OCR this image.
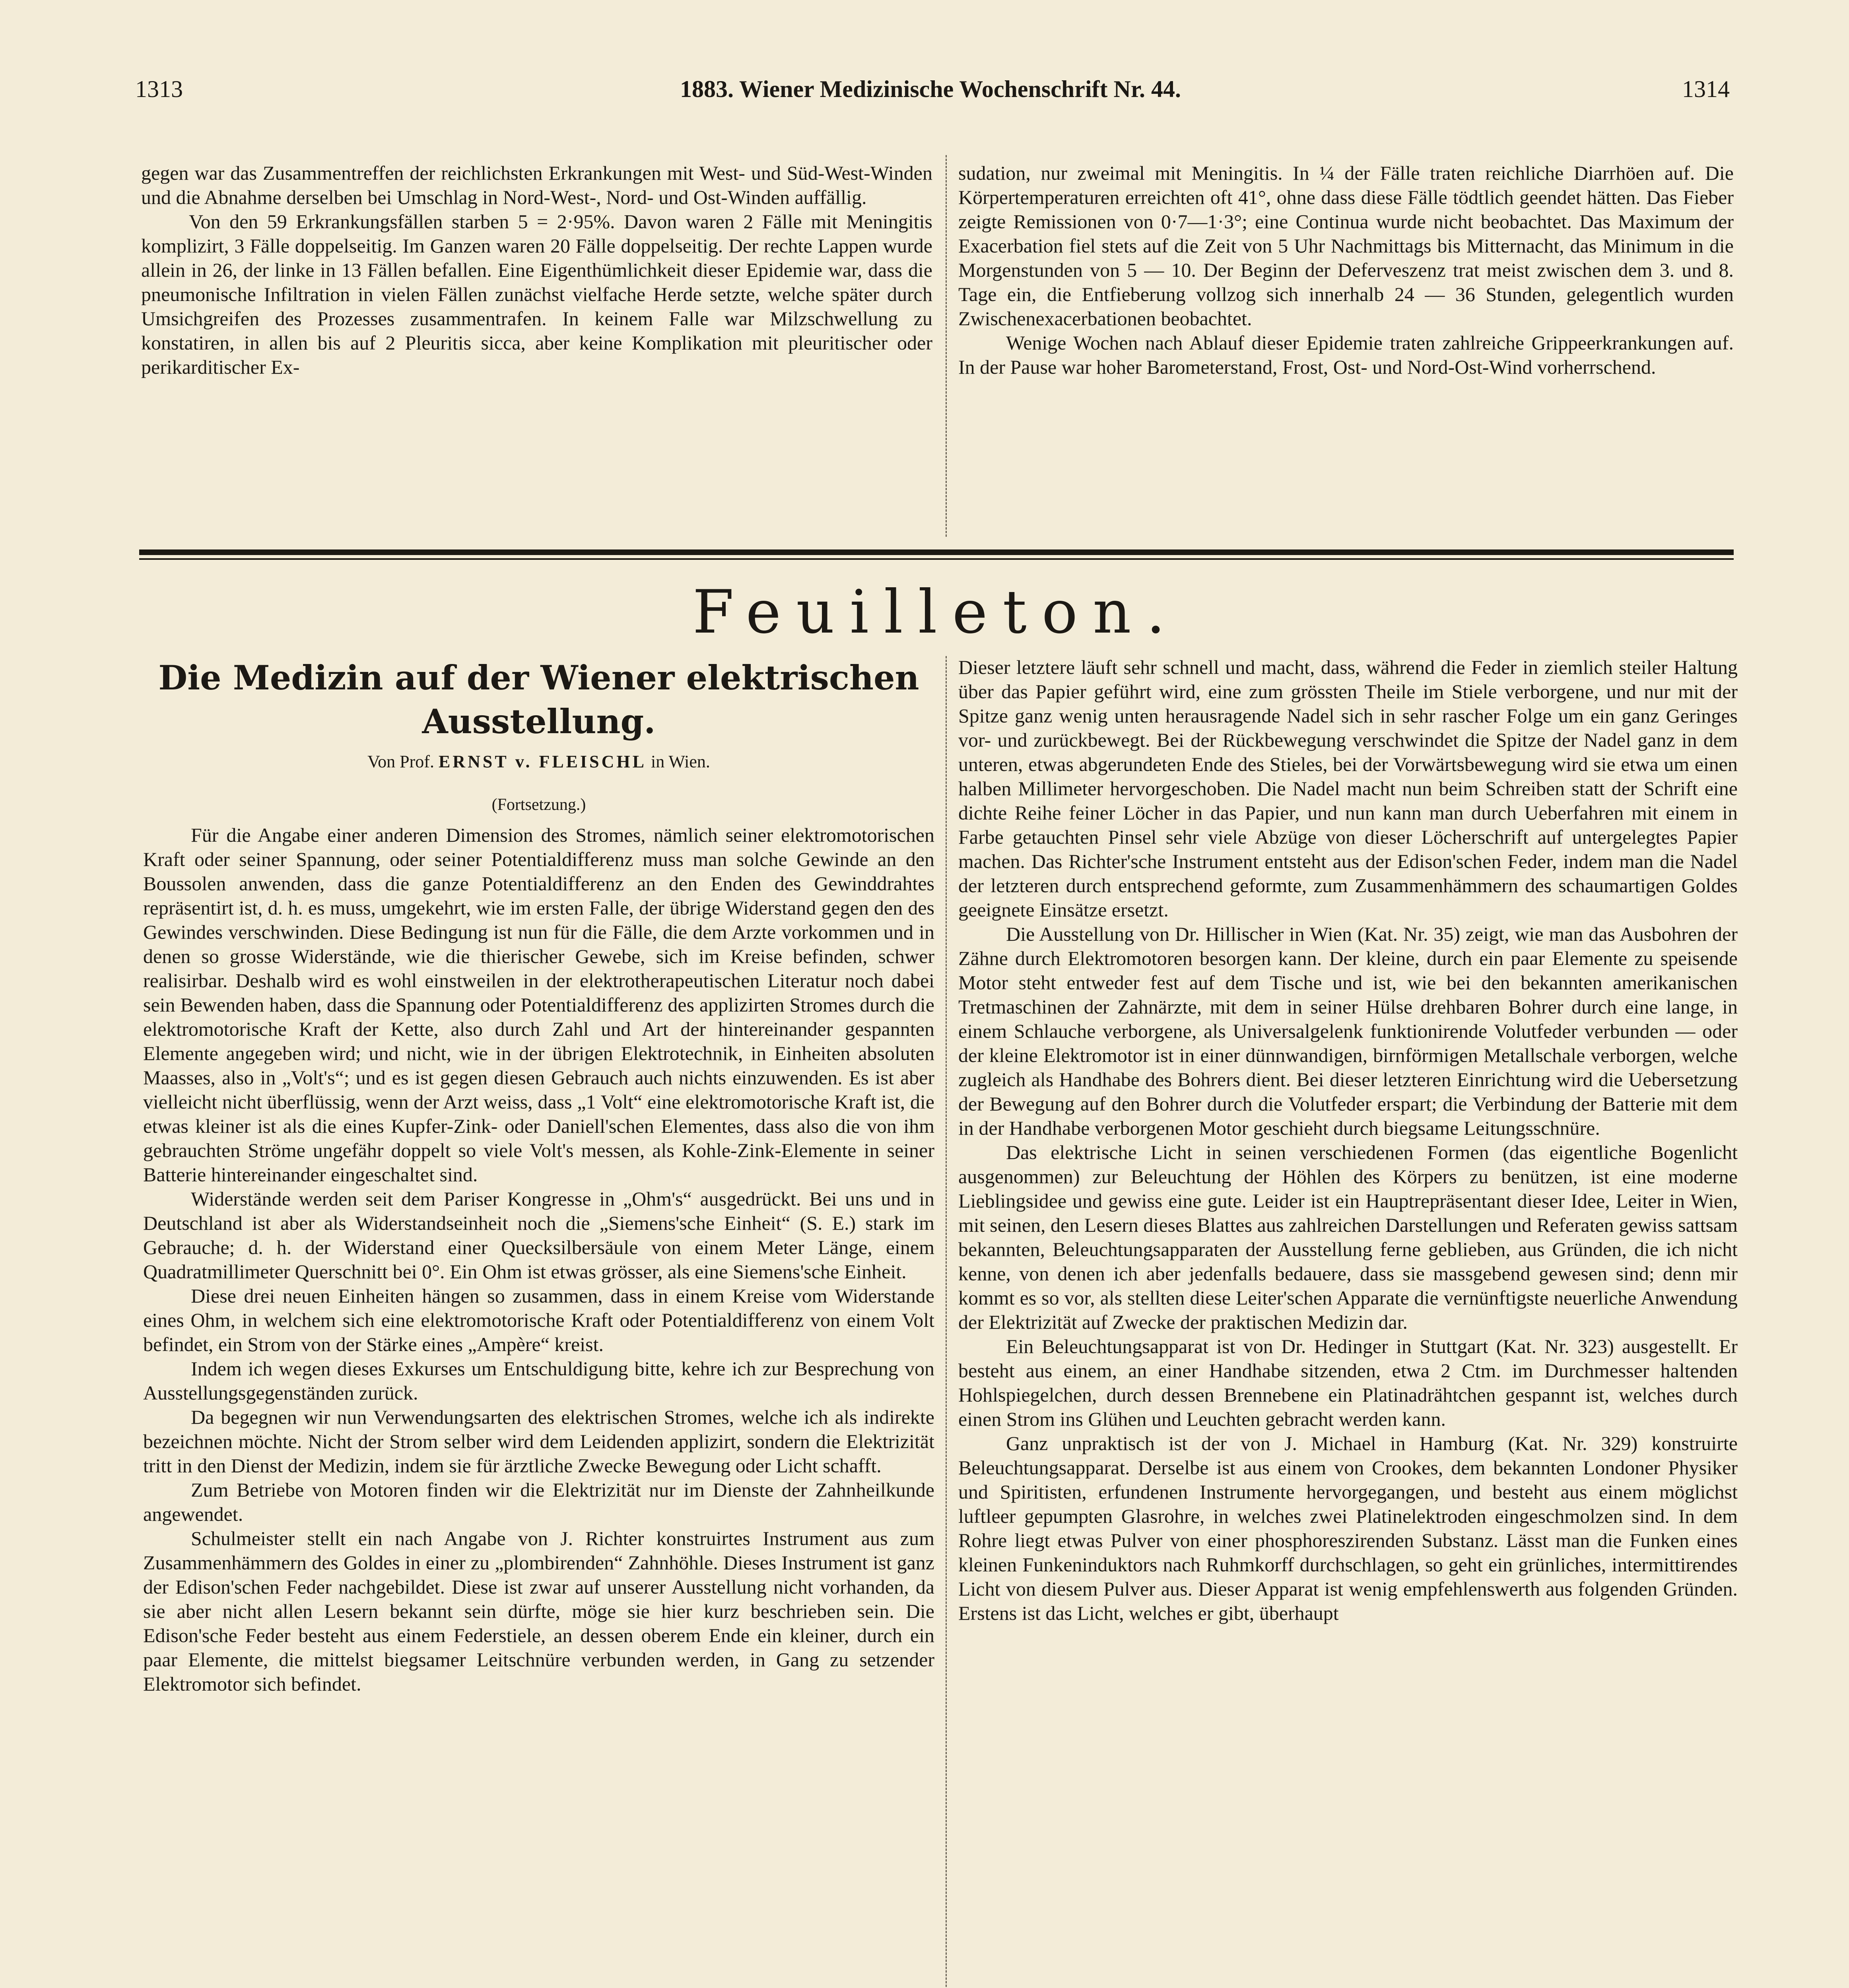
1313	1883. Wiener Medizinische Wochenschrift Nr. 44.	1314

gegen war das Zusammentreffen der reichlichsten Erkrankungen mit West- und Süd-West-Winden und die Abnahme derselben bei Umschlag in Nord-West-, Nord- und Ost-Winden auffällig.

Von den 59 Erkrankungsfällen starben 5 = 2·95%. Davon waren 2 Fälle mit Meningitis komplizirt, 3 Fälle doppelseitig. Im Ganzen waren 20 Fälle doppelseitig. Der rechte Lappen wurde allein in 26, der linke in 13 Fällen befallen. Eine Eigenthümlichkeit dieser Epidemie war, dass die pneumonische Infiltration in vielen Fällen zunächst vielfache Herde setzte, welche später durch Umsichgreifen des Prozesses zusammentrafen. In keinem Falle war Milzschwellung zu konstatiren, in allen bis auf 2 Pleuritis sicca, aber keine Komplikation mit pleuritischer oder perikarditischer Ex-

sudation, nur zweimal mit Meningitis. In ¼ der Fälle traten reichliche Diarrhöen auf. Die Körpertemperaturen erreichten oft 41°, ohne dass diese Fälle tödtlich geendet hätten. Das Fieber zeigte Remissionen von 0·7—1·3°; eine Continua wurde nicht beobachtet. Das Maximum der Exacerbation fiel stets auf die Zeit von 5 Uhr Nachmittags bis Mitternacht, das Minimum in die Morgenstunden von 5 — 10. Der Beginn der Deferveszenz trat meist zwischen dem 3. und 8. Tage ein, die Entfieberung vollzog sich innerhalb 24 — 36 Stunden, gelegentlich wurden Zwischenexacerbationen beobachtet.

Wenige Wochen nach Ablauf dieser Epidemie traten zahlreiche Grippeerkrankungen auf. In der Pause war hoher Barometerstand, Frost, Ost- und Nord-Ost-Wind vorherrschend.

Feuilleton.
Die Medizin auf der Wiener elektrischen Ausstellung.
Von Prof. ERNST v. FLEISCHL in Wien.
(Fortsetzung.)

Für die Angabe einer anderen Dimension des Stromes, nämlich seiner elektromotorischen Kraft oder seiner Spannung, oder seiner Potentialdifferenz muss man solche Gewinde an den Boussolen anwenden, dass die ganze Potentialdifferenz an den Enden des Gewinddrahtes repräsentirt ist, d. h. es muss, umgekehrt, wie im ersten Falle, der übrige Widerstand gegen den des Gewindes verschwinden. Diese Bedingung ist nun für die Fälle, die dem Arzte vorkommen und in denen so grosse Widerstände, wie die thierischer Gewebe, sich im Kreise befinden, schwer realisirbar. Deshalb wird es wohl einstweilen in der elektrotherapeutischen Literatur noch dabei sein Bewenden haben, dass die Spannung oder Potentialdifferenz des applizirten Stromes durch die elektromotorische Kraft der Kette, also durch Zahl und Art der hintereinander gespannten Elemente angegeben wird; und nicht, wie in der übrigen Elektrotechnik, in Einheiten absoluten Maasses, also in „Volt's“; und es ist gegen diesen Gebrauch auch nichts einzuwenden. Es ist aber vielleicht nicht überflüssig, wenn der Arzt weiss, dass „1 Volt“ eine elektromotorische Kraft ist, die etwas kleiner ist als die eines Kupfer-Zink- oder Daniell'schen Elementes, dass also die von ihm gebrauchten Ströme ungefähr doppelt so viele Volt's messen, als Kohle-Zink-Elemente in seiner Batterie hintereinander eingeschaltet sind.

Widerstände werden seit dem Pariser Kongresse in „Ohm's“ ausgedrückt. Bei uns und in Deutschland ist aber als Widerstandseinheit noch die „Siemens'sche Einheit“ (S. E.) stark im Gebrauche; d. h. der Widerstand einer Quecksilbersäule von einem Meter Länge, einem Quadratmillimeter Querschnitt bei 0°. Ein Ohm ist etwas grösser, als eine Siemens'sche Einheit.

Diese drei neuen Einheiten hängen so zusammen, dass in einem Kreise vom Widerstande eines Ohm, in welchem sich eine elektromotorische Kraft oder Potentialdifferenz von einem Volt befindet, ein Strom von der Stärke eines „Ampère“ kreist.

Indem ich wegen dieses Exkurses um Entschuldigung bitte, kehre ich zur Besprechung von Ausstellungsgegenständen zurück.

Da begegnen wir nun Verwendungsarten des elektrischen Stromes, welche ich als indirekte bezeichnen möchte. Nicht der Strom selber wird dem Leidenden applizirt, sondern die Elektrizität tritt in den Dienst der Medizin, indem sie für ärztliche Zwecke Bewegung oder Licht schafft.

Zum Betriebe von Motoren finden wir die Elektrizität nur im Dienste der Zahnheilkunde angewendet.

Schulmeister stellt ein nach Angabe von J. Richter konstruirtes Instrument aus zum Zusammenhämmern des Goldes in einer zu „plombirenden“ Zahnhöhle. Dieses Instrument ist ganz der Edison'schen Feder nachgebildet. Diese ist zwar auf unserer Ausstellung nicht vorhanden, da sie aber nicht allen Lesern bekannt sein dürfte, möge sie hier kurz beschrieben sein. Die Edison'sche Feder besteht aus einem Federstiele, an dessen oberem Ende ein kleiner, durch ein paar Elemente, die mittelst biegsamer Leitschnüre verbunden werden, in Gang zu setzender Elektromotor sich befindet.

Dieser letztere läuft sehr schnell und macht, dass, während die Feder in ziemlich steiler Haltung über das Papier geführt wird, eine zum grössten Theile im Stiele verborgene, und nur mit der Spitze ganz wenig unten herausragende Nadel sich in sehr rascher Folge um ein ganz Geringes vor- und zurückbewegt. Bei der Rückbewegung verschwindet die Spitze der Nadel ganz in dem unteren, etwas abgerundeten Ende des Stieles, bei der Vorwärtsbewegung wird sie etwa um einen halben Millimeter hervorgeschoben. Die Nadel macht nun beim Schreiben statt der Schrift eine dichte Reihe feiner Löcher in das Papier, und nun kann man durch Ueberfahren mit einem in Farbe getauchten Pinsel sehr viele Abzüge von dieser Löcherschrift auf untergelegtes Papier machen. Das Richter'sche Instrument entsteht aus der Edison'schen Feder, indem man die Nadel der letzteren durch entsprechend geformte, zum Zusammenhämmern des schaumartigen Goldes geeignete Einsätze ersetzt.

Die Ausstellung von Dr. Hillischer in Wien (Kat. Nr. 35) zeigt, wie man das Ausbohren der Zähne durch Elektromotoren besorgen kann. Der kleine, durch ein paar Elemente zu speisende Motor steht entweder fest auf dem Tische und ist, wie bei den bekannten amerikanischen Tretmaschinen der Zahnärzte, mit dem in seiner Hülse drehbaren Bohrer durch eine lange, in einem Schlauche verborgene, als Universalgelenk funktionirende Volutfeder verbunden — oder der kleine Elektromotor ist in einer dünnwandigen, birnförmigen Metallschale verborgen, welche zugleich als Handhabe des Bohrers dient. Bei dieser letzteren Einrichtung wird die Uebersetzung der Bewegung auf den Bohrer durch die Volutfeder erspart; die Verbindung der Batterie mit dem in der Handhabe verborgenen Motor geschieht durch biegsame Leitungsschnüre.

Das elektrische Licht in seinen verschiedenen Formen (das eigentliche Bogenlicht ausgenommen) zur Beleuchtung der Höhlen des Körpers zu benützen, ist eine moderne Lieblingsidee und gewiss eine gute. Leider ist ein Hauptrepräsentant dieser Idee, Leiter in Wien, mit seinen, den Lesern dieses Blattes aus zahlreichen Darstellungen und Referaten gewiss sattsam bekannten, Beleuchtungsapparaten der Ausstellung ferne geblieben, aus Gründen, die ich nicht kenne, von denen ich aber jedenfalls bedauere, dass sie massgebend gewesen sind; denn mir kommt es so vor, als stellten diese Leiter'schen Apparate die vernünftigste neuerliche Anwendung der Elektrizität auf Zwecke der praktischen Medizin dar.

Ein Beleuchtungsapparat ist von Dr. Hedinger in Stuttgart (Kat. Nr. 323) ausgestellt. Er besteht aus einem, an einer Handhabe sitzenden, etwa 2 Ctm. im Durchmesser haltenden Hohlspiegelchen, durch dessen Brennebene ein Platinadrähtchen gespannt ist, welches durch einen Strom ins Glühen und Leuchten gebracht werden kann.

Ganz unpraktisch ist der von J. Michael in Hamburg (Kat. Nr. 329) konstruirte Beleuchtungsapparat. Derselbe ist aus einem von Crookes, dem bekannten Londoner Physiker und Spiritisten, erfundenen Instrumente hervorgegangen, und besteht aus einem möglichst luftleer gepumpten Glasrohre, in welches zwei Platinelektroden eingeschmolzen sind. In dem Rohre liegt etwas Pulver von einer phosphoreszirenden Substanz. Lässt man die Funken eines kleinen Funkeninduktors nach Ruhmkorff durchschlagen, so geht ein grünliches, intermittirendes Licht von diesem Pulver aus. Dieser Apparat ist wenig empfehlenswerth aus folgenden Gründen. Erstens ist das Licht, welches er gibt, überhaupt
